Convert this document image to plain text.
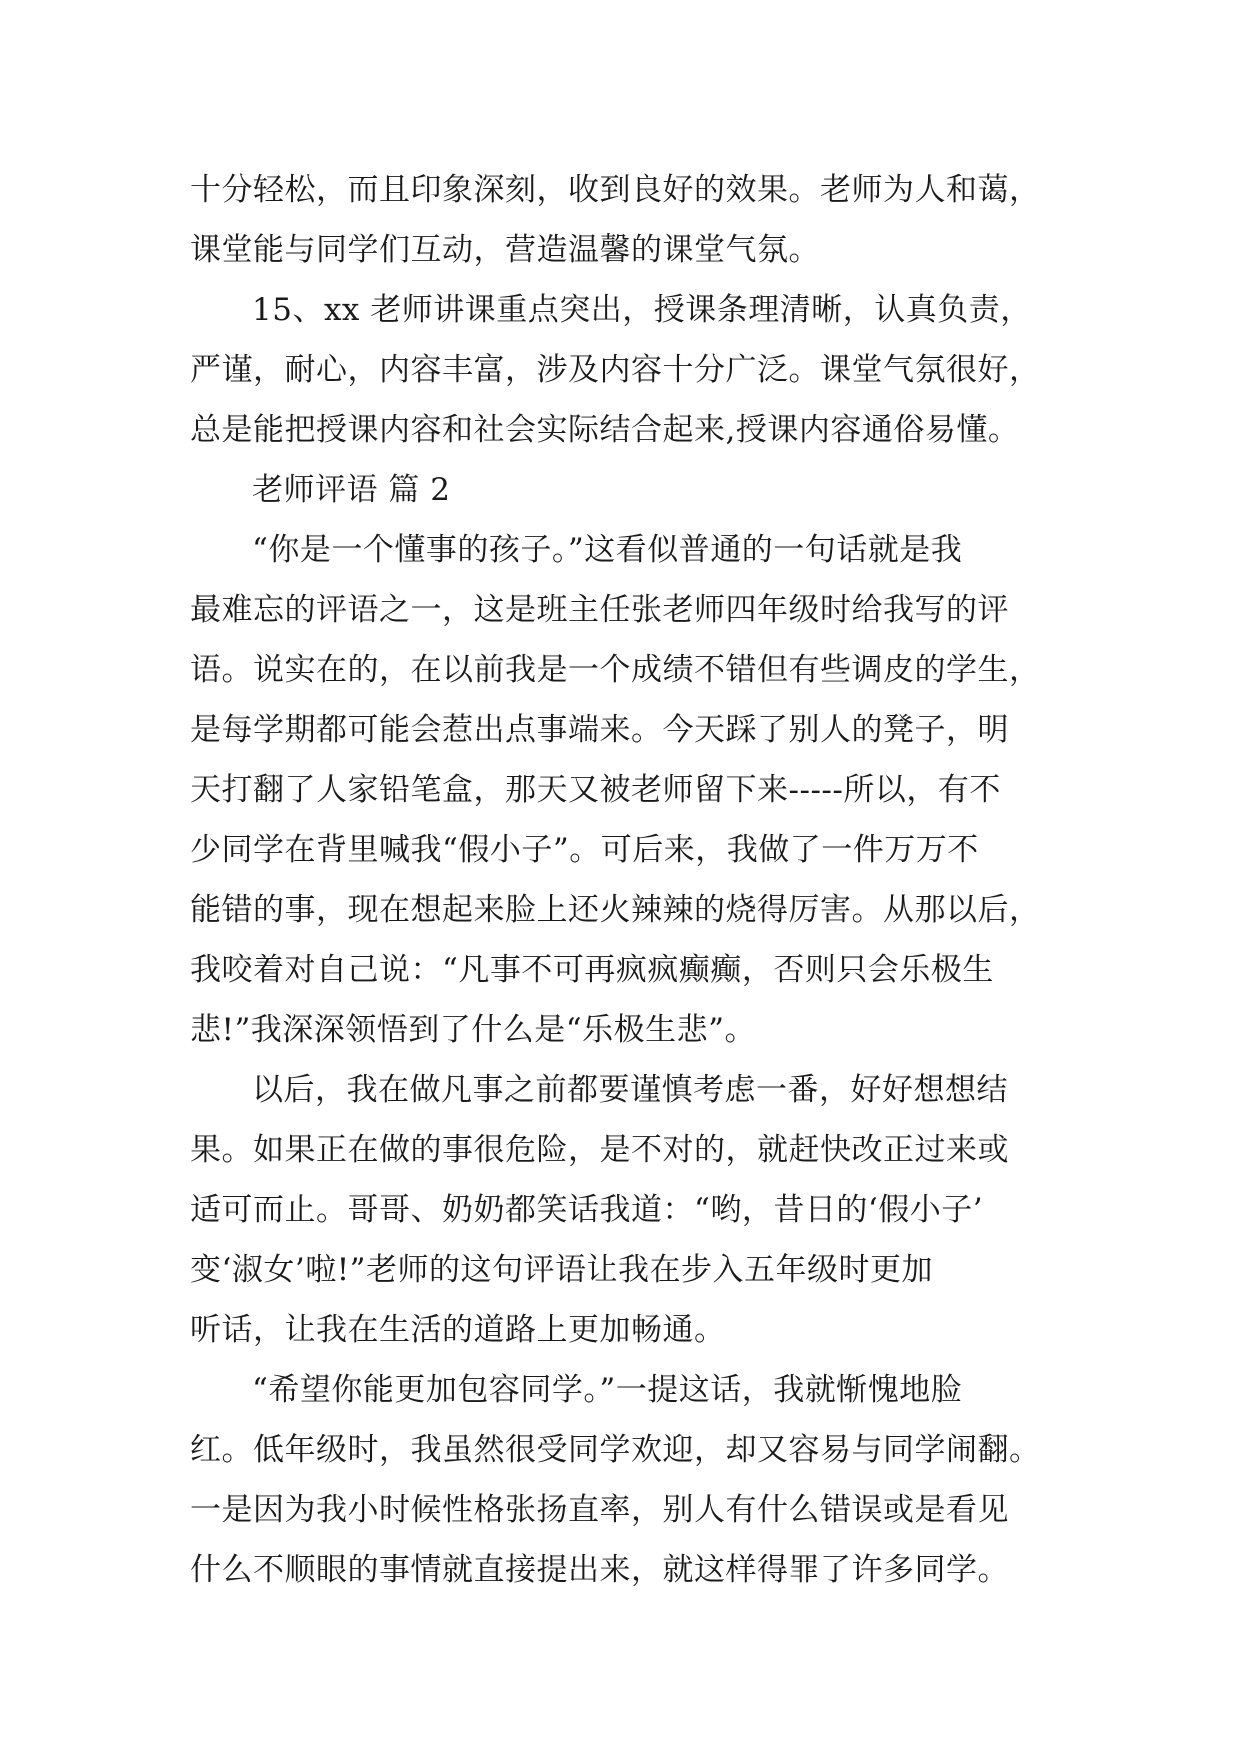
十分轻松，而且印象深刻，收到良好的效果。老师为人和蔼，
课堂能与同学们互动，营造温馨的课堂气氛。
15、xx 老师讲课重点突出，授课条理清晰，认真负责，
严谨，耐心，内容丰富，涉及内容十分广泛。课堂气氛很好，
总是能把授课内容和社会实际结合起来,授课内容通俗易懂。
老师评语 篇 2
“你是一个懂事的孩子。”这看似普通的一句话就是我
最难忘的评语之一，这是班主任张老师四年级时给我写的评
语。说实在的，在以前我是一个成绩不错但有些调皮的学生，
是每学期都可能会惹出点事端来。今天踩了别人的凳子，明
天打翻了人家铅笔盒，那天又被老师留下来-----所以，有不
少同学在背里喊我“假小子”。可后来，我做了一件万万不
能错的事，现在想起来脸上还火辣辣的烧得厉害。从那以后，
我咬着对自己说：“凡事不可再疯疯癫癫，否则只会乐极生
悲!”我深深领悟到了什么是“乐极生悲”。
以后，我在做凡事之前都要谨慎考虑一番，好好想想结
果。如果正在做的事很危险，是不对的，就赶快改正过来或
适可而止。哥哥、奶奶都笑话我道：“哟，昔日的‘假小子’
变‘淑女’啦!”老师的这句评语让我在步入五年级时更加
听话，让我在生活的道路上更加畅通。
“希望你能更加包容同学。”一提这话，我就惭愧地脸
红。低年级时，我虽然很受同学欢迎，却又容易与同学闹翻。
一是因为我小时候性格张扬直率，别人有什么错误或是看见
什么不顺眼的事情就直接提出来，就这样得罪了许多同学。
